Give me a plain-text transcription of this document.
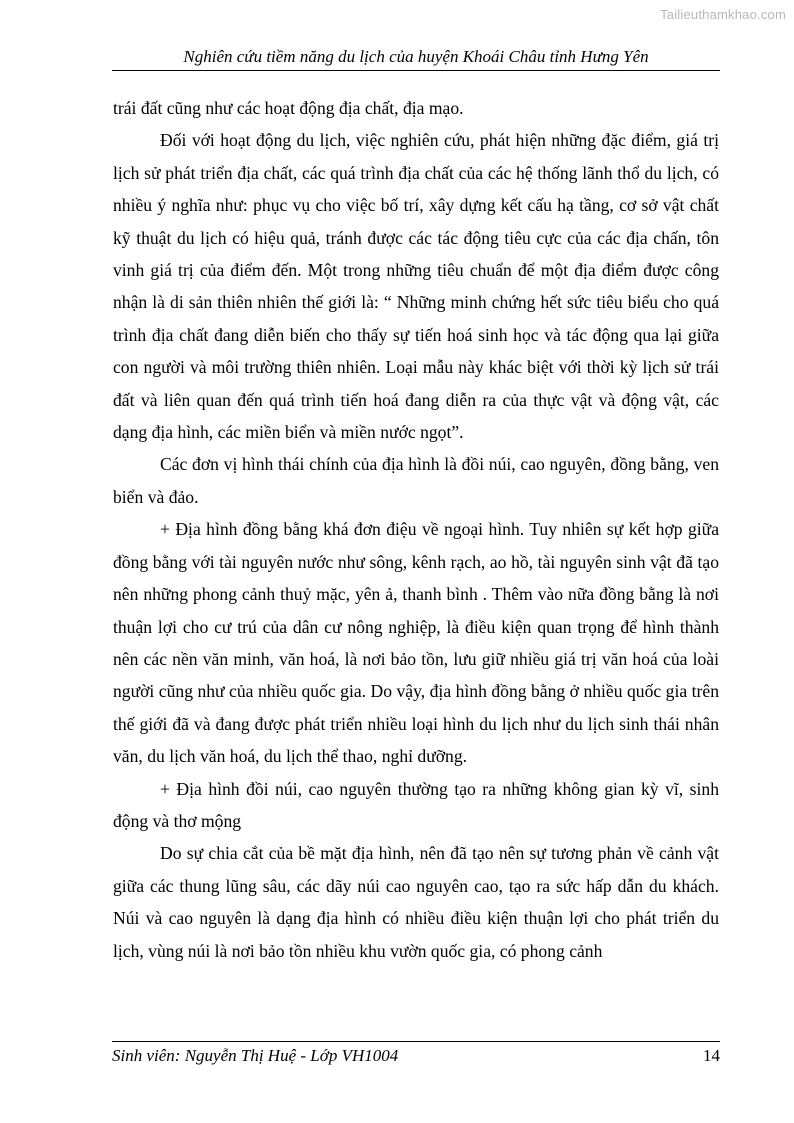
Tailieuthamkhao.com
Nghiên cứu tiềm năng du lịch của huyện Khoái Châu tỉnh Hưng Yên

trái đất cũng như các hoạt động địa chất, địa mạo.

Đối với hoạt động du lịch, việc nghiên cứu, phát hiện những đặc điểm, giá trị lịch sử phát triển địa chất, các quá trình địa chất của các hệ thống lãnh thổ du lịch, có nhiều ý nghĩa như: phục vụ cho việc bố trí, xây dựng kết cấu hạ tầng, cơ sở vật chất kỹ thuật du lịch có hiệu quả, tránh được các tác động tiêu cực của các địa chấn, tôn vinh giá trị của điểm đến. Một trong những tiêu chuẩn để một địa điểm được công nhận là di sản thiên nhiên thế giới là: “ Những minh chứng hết sức tiêu biểu cho quá trình địa chất đang diễn biến cho thấy sự tiến hoá sinh học và tác động qua lại giữa con người và môi trường thiên nhiên. Loại mẫu này khác biệt với thời kỳ lịch sử trái đất và liên quan đến quá trình tiến hoá đang diễn ra của thực vật và động vật, các dạng địa hình, các miền biển và miền nước ngọt”.

Các đơn vị hình thái chính của địa hình là đồi núi, cao nguyên, đồng bằng, ven biển và đảo.

+ Địa hình đồng bằng khá đơn điệu về ngoại hình. Tuy nhiên sự kết hợp giữa đồng bằng với tài nguyên nước như sông, kênh rạch, ao hồ, tài nguyên sinh vật đã tạo nên những phong cảnh thuỷ mặc, yên ả, thanh bình . Thêm vào nữa đồng bằng là nơi thuận lợi cho cư trú của dân cư nông nghiệp, là điều kiện quan trọng để hình thành nên các nền văn minh, văn hoá, là nơi bảo tồn, lưu giữ nhiều giá trị văn hoá của loài người cũng như của nhiều quốc gia. Do vậy, địa hình đồng bằng ở nhiều quốc gia trên thế giới đã và đang được phát triển nhiều loại hình du lịch như du lịch sinh thái nhân văn, du lịch văn hoá, du lịch thể thao, nghỉ dưỡng.

+ Địa hình đồi núi, cao nguyên thường tạo ra những không gian kỳ vĩ, sinh động và thơ mộng

Do sự chia cắt của bề mặt địa hình, nên đã tạo nên sự tương phản về cảnh vật giữa các thung lũng sâu, các dãy núi cao nguyên cao, tạo ra sức hấp dẫn du khách. Núi và cao nguyên là dạng địa hình có nhiều điều kiện thuận lợi cho phát triển du lịch, vùng núi là nơi bảo tồn nhiều khu vườn quốc gia, có phong cảnh

Sinh viên: Nguyễn Thị Huệ - Lớp VH1004	14
